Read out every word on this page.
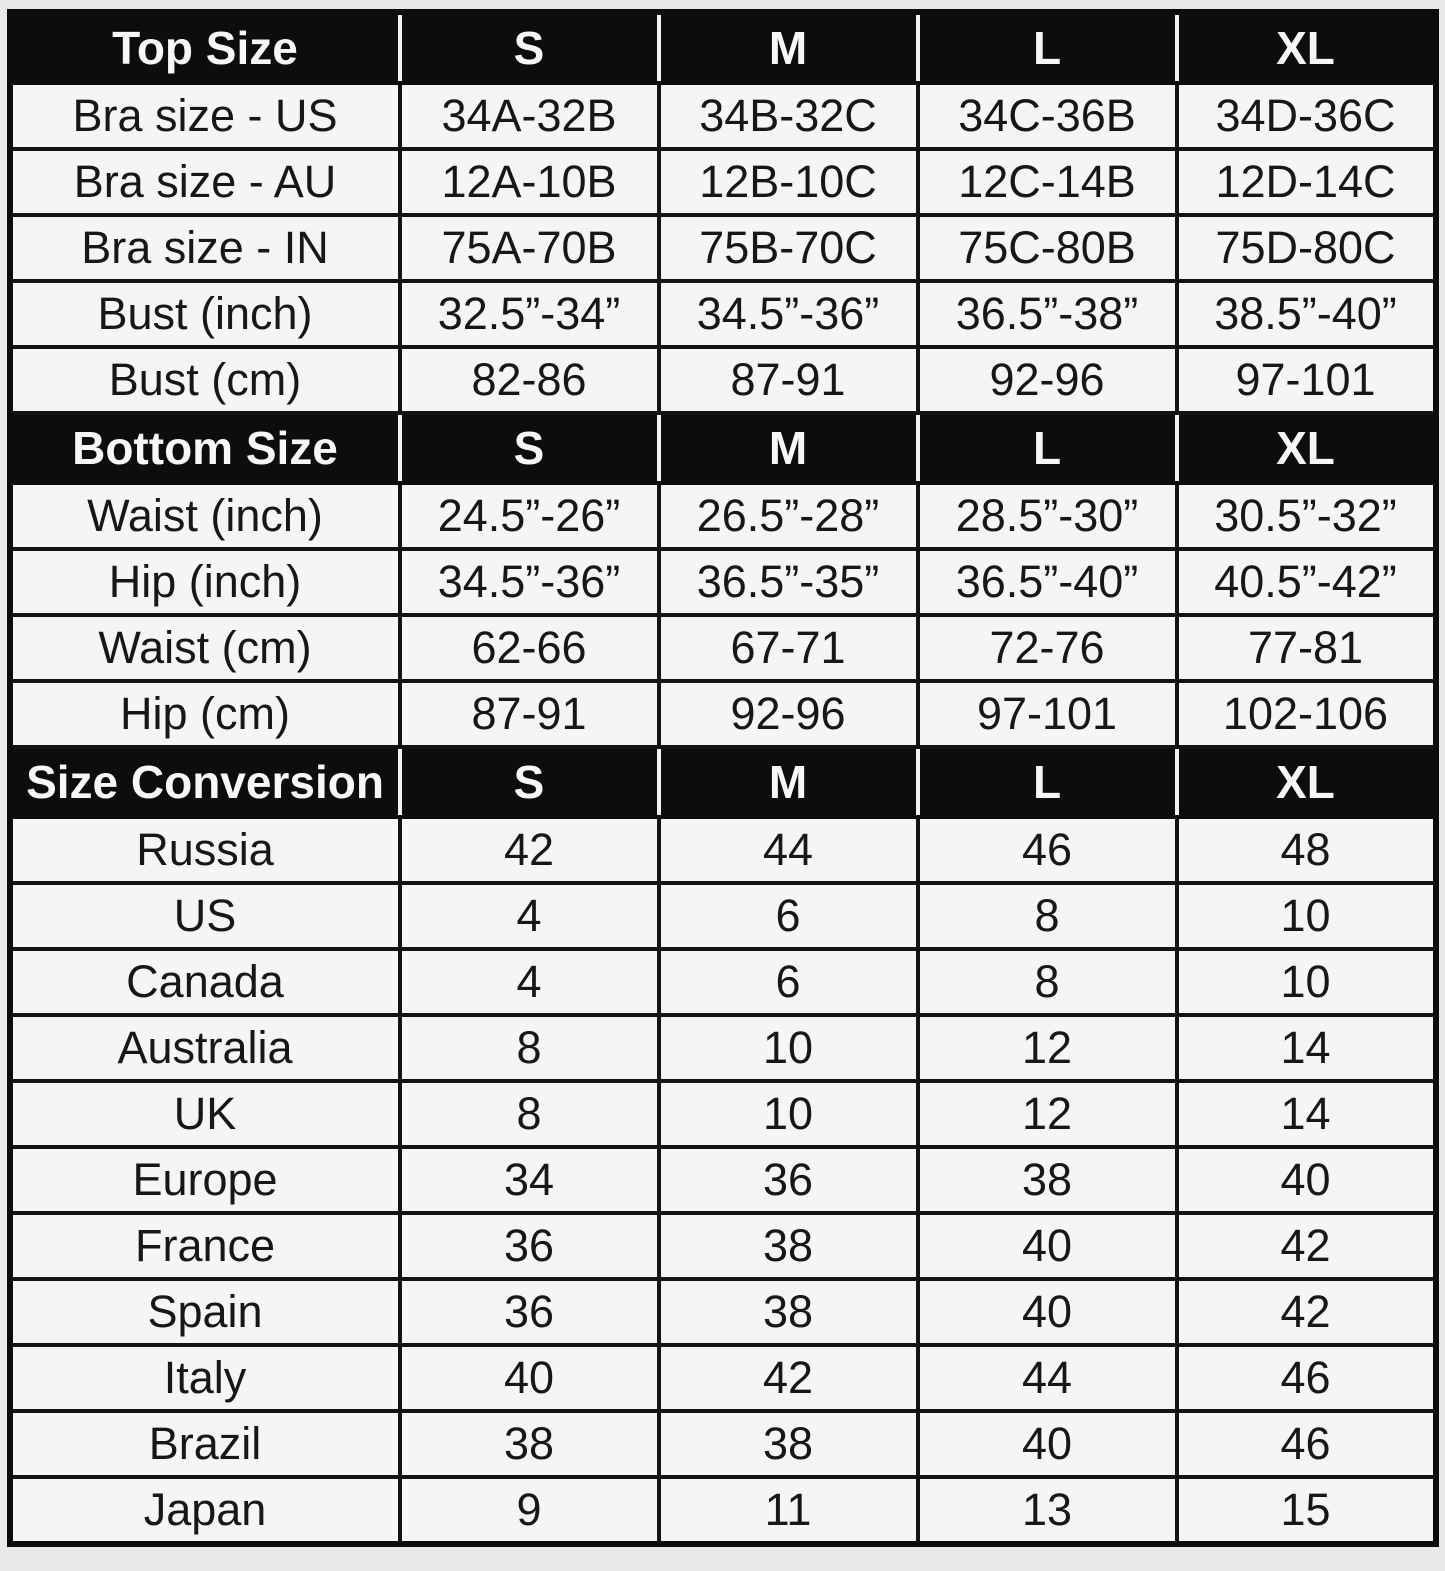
Top Size	S	M	L	XL
Bra size - US	34A-32B	34B-32C	34C-36B	34D-36C
Bra size - AU	12A-10B	12B-10C	12C-14B	12D-14C
Bra size - IN	75A-70B	75B-70C	75C-80B	75D-80C
Bust (inch)	32.5”-34”	34.5”-36”	36.5”-38”	38.5”-40”
Bust (cm)	82-86	87-91	92-96	97-101
Bottom Size	S	M	L	XL
Waist (inch)	24.5”-26”	26.5”-28”	28.5”-30”	30.5”-32”
Hip (inch)	34.5”-36”	36.5”-35”	36.5”-40”	40.5”-42”
Waist (cm)	62-66	67-71	72-76	77-81
Hip (cm)	87-91	92-96	97-101	102-106
Size Conversion	S	M	L	XL
Russia	42	44	46	48
US	4	6	8	10
Canada	4	6	8	10
Australia	8	10	12	14
UK	8	10	12	14
Europe	34	36	38	40
France	36	38	40	42
Spain	36	38	40	42
Italy	40	42	44	46
Brazil	38	38	40	46
Japan	9	11	13	15
